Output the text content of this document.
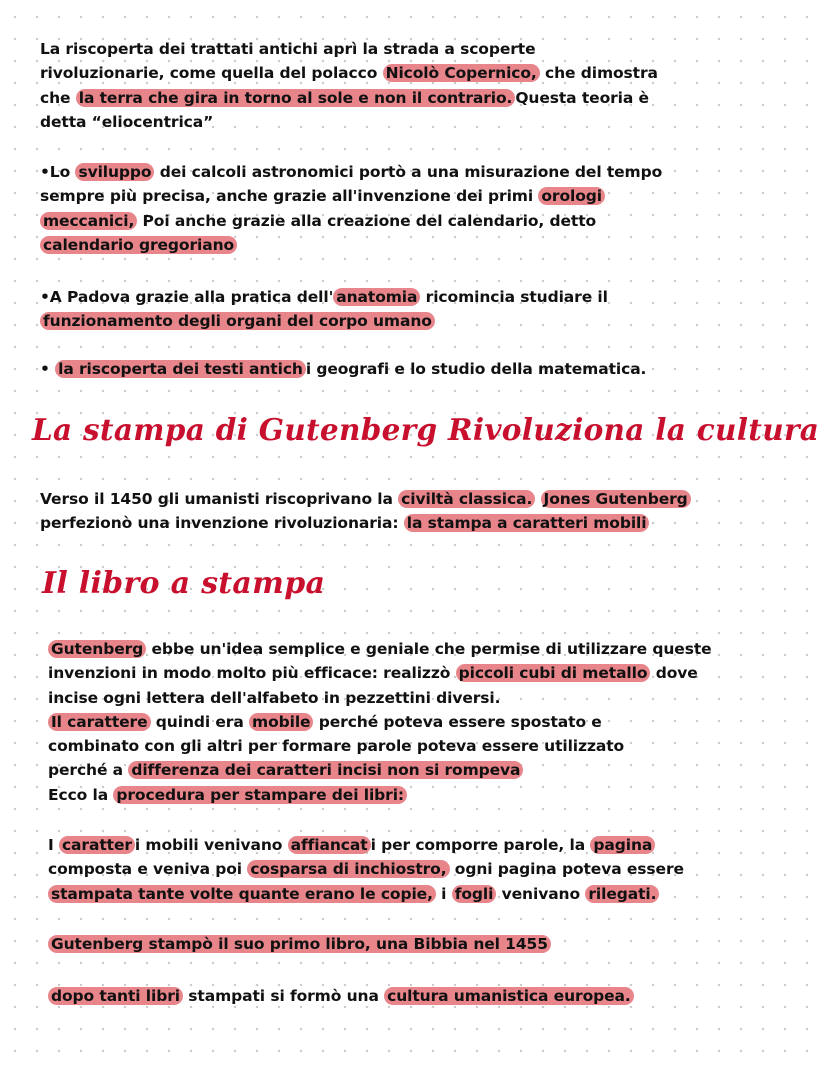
La riscoperta dei trattati antichi aprì la strada a scoperte
rivoluzionarie, come quella del polacco Nicolò Copernico, che dimostra
che la terra che gira in torno al sole e non il contrario. Questa teoria è
detta “eliocentrica”

•Lo sviluppo dei calcoli astronomici portò a una misurazione del tempo
sempre più precisa, anche grazie all'invenzione dei primi orologi
meccanici, Poi anche grazie alla creazione del calendario, detto
calendario gregoriano

•A Padova grazie alla pratica dell' anatomia ricomincia studiare il
funzionamento degli organi del corpo umano

• la riscoperta dei testi antich i geografi e lo studio della matematica.

La stampa di Gutenberg Rivoluziona la cultura

Verso il 1450 gli umanisti riscoprivano la civiltà classica. Jones Gutenberg
perfezionò una invenzione rivoluzionaria: la stampa a caratteri mobili

Il libro a stampa

Gutenberg ebbe un'idea semplice e geniale che permise di utilizzare queste
invenzioni in modo molto più efficace: realizzò piccoli cubi di metallo dove
incise ogni lettera dell'alfabeto in pezzettini diversi.
Il carattere quindi era mobile perché poteva essere spostato e
combinato con gli altri per formare parole poteva essere utilizzato
perché a differenza dei caratteri incisi non si rompeva
Ecco la procedura per stampare dei libri:

I caratter i mobili venivano affiancat i per comporre parole, la pagina
composta e veniva poi cosparsa di inchiostro, ogni pagina poteva essere
stampata tante volte quante erano le copie, i fogli venivano rilegati.

Gutenberg stampò il suo primo libro, una Bibbia nel 1455

dopo tanti libri stampati si formò una cultura umanistica europea.
